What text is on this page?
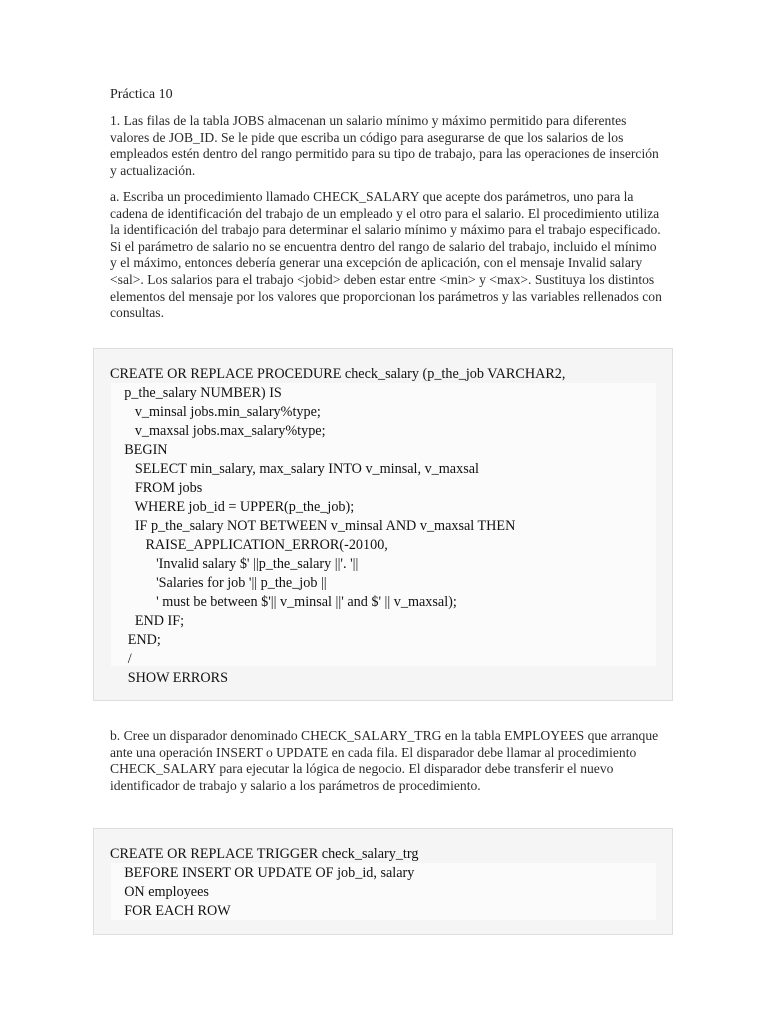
Práctica 10
1. Las filas de la tabla JOBS almacenan un salario mínimo y máximo permitido para diferentes valores de JOB_ID. Se le pide que escriba un código para asegurarse de que los salarios de los empleados estén dentro del rango permitido para su tipo de trabajo, para las operaciones de inserción y actualización.
a. Escriba un procedimiento llamado CHECK_SALARY que acepte dos parámetros, uno para la cadena de identificación del trabajo de un empleado y el otro para el salario. El procedimiento utiliza la identificación del trabajo para determinar el salario mínimo y máximo para el trabajo especificado. Si el parámetro de salario no se encuentra dentro del rango de salario del trabajo, incluido el mínimo y el máximo, entonces debería generar una excepción de aplicación, con el mensaje Invalid salary <sal>. Los salarios para el trabajo <jobid> deben estar entre <min> y <max>. Sustituya los distintos elementos del mensaje por los valores que proporcionan los parámetros y las variables rellenados con consultas.
CREATE OR REPLACE PROCEDURE check_salary (p_the_job VARCHAR2,
p_the_salary NUMBER) IS
v_minsal jobs.min_salary%type;
v_maxsal jobs.max_salary%type;
BEGIN
SELECT min_salary, max_salary INTO v_minsal, v_maxsal
FROM jobs
WHERE job_id = UPPER(p_the_job);
IF p_the_salary NOT BETWEEN v_minsal AND v_maxsal THEN
RAISE_APPLICATION_ERROR(-20100,
'Invalid salary $' ||p_the_salary ||'. '||
'Salaries for job '|| p_the_job ||
' must be between $'|| v_minsal ||' and $' || v_maxsal);
END IF;
END;
/
SHOW ERRORS
b. Cree un disparador denominado CHECK_SALARY_TRG en la tabla EMPLOYEES que arranque ante una operación INSERT o UPDATE en cada fila. El disparador debe llamar al procedimiento CHECK_SALARY para ejecutar la lógica de negocio. El disparador debe transferir el nuevo identificador de trabajo y salario a los parámetros de procedimiento.
CREATE OR REPLACE TRIGGER check_salary_trg
BEFORE INSERT OR UPDATE OF job_id, salary
ON employees
FOR EACH ROW
